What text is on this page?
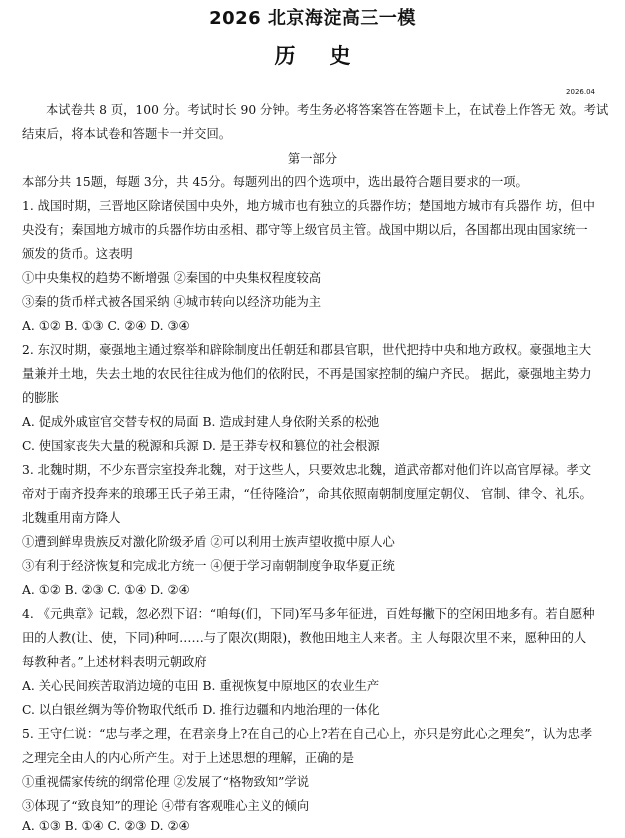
2026 北京海淀高三一模
历史
2026.04
本试卷共 8 页，100 分。考试时长 90 分钟。考生务必将答案答在答题卡上，在试卷上作答无 效。考试
结束后，将本试卷和答题卡一并交回。
第一部分
本部分共 15题，每题 3分，共 45分。每题列出的四个选项中，选出最符合题目要求的一项。
1. 战国时期，三晋地区除诸侯国中央外，地方城市也有独立的兵器作坊；楚国地方城市有兵器作 坊，但中
央没有；秦国地方城市的兵器作坊由丞相、郡守等上级官员主管。战国中期以后，各国都出现由国家统一
颁发的货币。这表明
①中央集权的趋势不断增强 ②秦国的中央集权程度较高
③秦的货币样式被各国采纳 ④城市转向以经济功能为主
A. ①② B. ①③ C. ②④ D. ③④
2. 东汉时期，豪强地主通过察举和辟除制度出任朝廷和郡县官职，世代把持中央和地方政权。豪强地主大
量兼并土地，失去土地的农民往往成为他们的依附民，不再是国家控制的编户齐民。 据此，豪强地主势力
的膨胀
A. 促成外戚宦官交替专权的局面 B. 造成封建人身依附关系的松弛
C. 使国家丧失大量的税源和兵源 D. 是王莽专权和篡位的社会根源
3. 北魏时期，不少东晋宗室投奔北魏，对于这些人，只要效忠北魏，道武帝都对他们许以高官厚禄。孝文
帝对于南齐投奔来的琅琊王氏子弟王肃，“任待隆洽”，命其依照南朝制度厘定朝仪、 官制、律令、礼乐。
北魏重用南方降人
①遭到鲜卑贵族反对激化阶级矛盾 ②可以利用士族声望收揽中原人心
③有利于经济恢复和完成北方统一 ④便于学习南朝制度争取华夏正统
A. ①② B. ②③ C. ①④ D. ②④
4. 《元典章》记载，忽必烈下诏：“咱每(们，下同)军马多年征进，百姓每撇下的空闲田地多有。若自愿种
田的人教(让、使，下同)种呵……与了限次(期限)，教他田地主人来者。主 人每限次里不来，愿种田的人
每教种者。”上述材料表明元朝政府
A. 关心民间疾苦取消边境的屯田 B. 重视恢复中原地区的农业生产
C. 以白银丝绸为等价物取代纸币 D. 推行边疆和内地治理的一体化
5. 王守仁说：“忠与孝之理，在君亲身上?在自己的心上?若在自己心上，亦只是穷此心之理矣”，认为忠孝
之理完全由人的内心所产生。对于上述思想的理解，正确的是
①重视儒家传统的纲常伦理 ②发展了“格物致知”学说
③体现了“致良知”的理论 ④带有客观唯心主义的倾向
A. ①③ B. ①④ C. ②③ D. ②④
